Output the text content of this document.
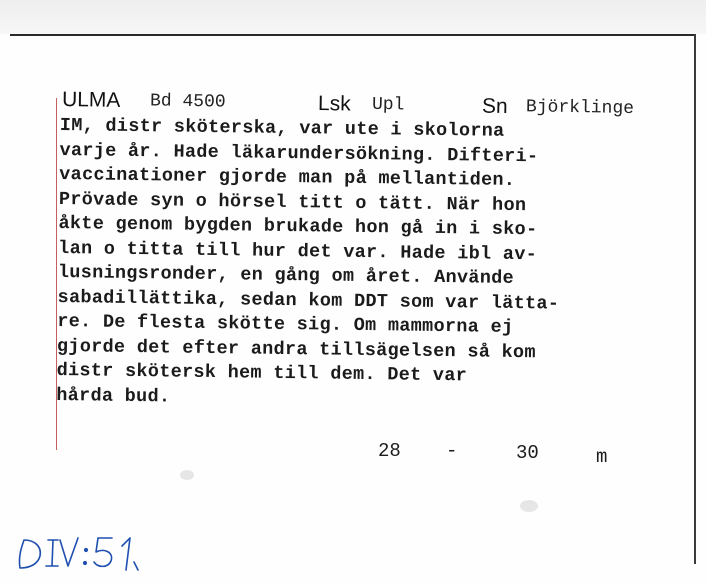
ULMA Bd 4500	Lsk Upl	Sn Björklinge
IM, distr sköterska, var ute i skolorna
varje år. Hade läkarundersökning. Difteri-
vaccinationer gjorde man på mellantiden.
Prövade syn o hörsel titt o tätt. När hon
åkte genom bygden brukade hon gå in i sko-
lan o titta till hur det var. Hade ibl av-
lusningsronder, en gång om året. Använde
sabadillättika, sedan kom DDT som var lätta-
re. De flesta skötte sig. Om mammorna ej
gjorde det efter andra tillsägelsen så kom
distr skötersk hem till dem. Det var
hårda bud.
28 -	30	m
